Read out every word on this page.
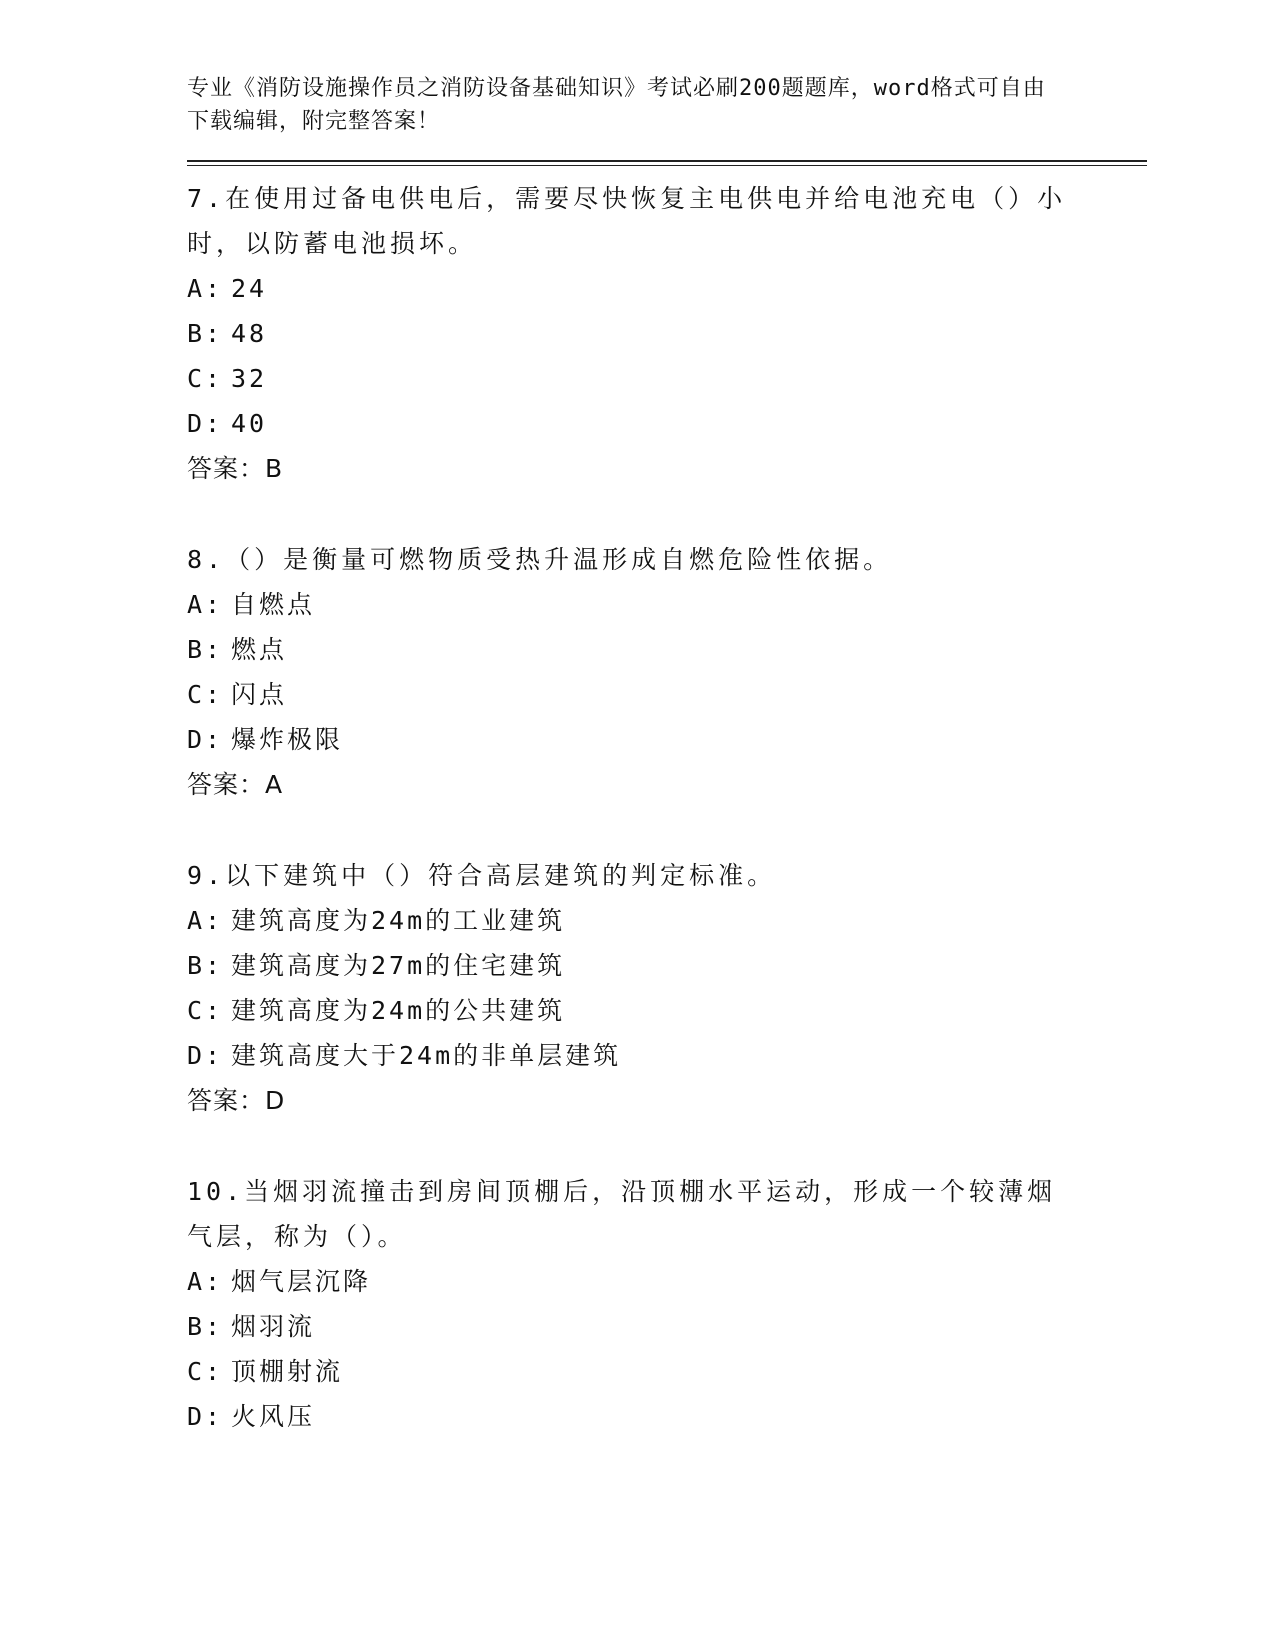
专业《消防设施操作员之消防设备基础知识》考试必刷200题题库，word格式可自由下载编辑，附完整答案！
7.在使用过备电供电后，需要尽快恢复主电供电并给电池充电（）小时，以防蓄电池损坏。
A: 24
B: 48
C: 32
D: 40
答案：B
8.（）是衡量可燃物质受热升温形成自燃危险性依据。
A: 自燃点
B: 燃点
C: 闪点
D: 爆炸极限
答案：A
9.以下建筑中（）符合高层建筑的判定标准。
A: 建筑高度为24m的工业建筑
B: 建筑高度为27m的住宅建筑
C: 建筑高度为24m的公共建筑
D: 建筑高度大于24m的非单层建筑
答案：D
10.当烟羽流撞击到房间顶棚后，沿顶棚水平运动，形成一个较薄烟气层，称为（）。
A: 烟气层沉降
B: 烟羽流
C: 顶棚射流
D: 火风压
